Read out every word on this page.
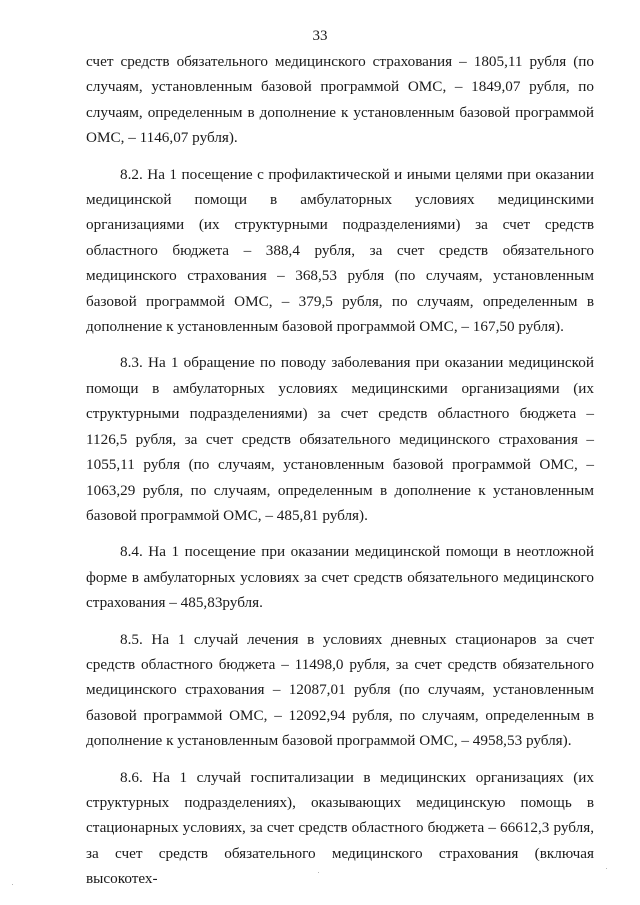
33

счет средств обязательного медицинского страхования – 1805,11 рубля (по случаям, установленным базовой программой ОМС, – 1849,07 рубля, по случаям, определенным в дополнение к установленным базовой программой ОМС, – 1146,07 рубля).

8.2. На 1 посещение с профилактической и иными целями при оказании медицинской помощи в амбулаторных условиях медицинскими организациями (их структурными подразделениями) за счет средств областного бюджета – 388,4 рубля, за счет средств обязательного медицинского страхования – 368,53 рубля (по случаям, установленным базовой программой ОМС, – 379,5 рубля, по случаям, определенным в дополнение к установленным базовой программой ОМС, – 167,50 рубля).

8.3. На 1 обращение по поводу заболевания при оказании медицинской помощи в амбулаторных условиях медицинскими организациями (их структурными подразделениями) за счет средств областного бюджета – 1126,5 рубля, за счет средств обязательного медицинского страхования – 1055,11 рубля (по случаям, установленным базовой программой ОМС, – 1063,29 рубля, по случаям, определенным в дополнение к установленным базовой программой ОМС, – 485,81 рубля).

8.4. На 1 посещение при оказании медицинской помощи в неотложной форме в амбулаторных условиях за счет средств обязательного медицинского страхования – 485,83рубля.

8.5. На 1 случай лечения в условиях дневных стационаров за счет средств областного бюджета – 11498,0 рубля, за счет средств обязательного медицинского страхования – 12087,01 рубля (по случаям, установленным базовой программой ОМС, – 12092,94 рубля, по случаям, определенным в дополнение к установленным базовой программой ОМС, – 4958,53 рубля).

8.6. На 1 случай госпитализации в медицинских организациях (их структурных подразделениях), оказывающих медицинскую помощь в стационарных условиях, за счет средств областного бюджета – 66612,3 рубля, за счет средств обязательного медицинского страхования (включая высокотех-
